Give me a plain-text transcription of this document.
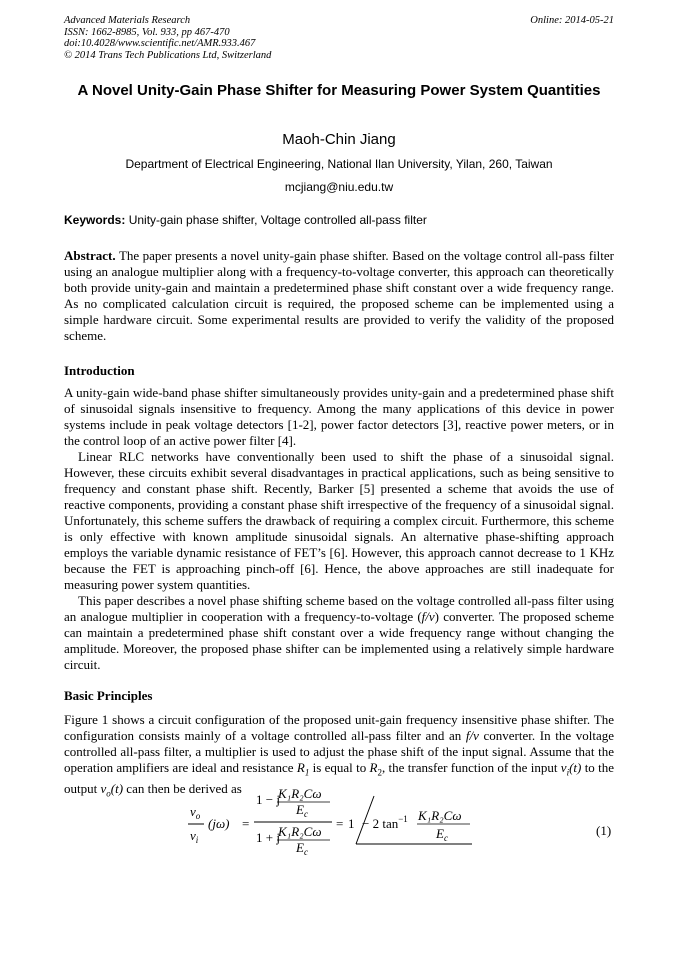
Advanced Materials Research
ISSN: 1662-8985, Vol. 933, pp 467-470
doi:10.4028/www.scientific.net/AMR.933.467
© 2014 Trans Tech Publications Ltd, Switzerland
Online: 2014-05-21
A Novel Unity-Gain Phase Shifter for Measuring Power System Quantities
Maoh-Chin Jiang
Department of Electrical Engineering, National Ilan University, Yilan, 260, Taiwan
mcjiang@niu.edu.tw
Keywords: Unity-gain phase shifter, Voltage controlled all-pass filter

Abstract. The paper presents a novel unity-gain phase shifter. Based on the voltage control all-pass filter using an analogue multiplier along with a frequency-to-voltage converter, this approach can theoretically both provide unity-gain and maintain a predetermined phase shift constant over a wide frequency range. As no complicated calculation circuit is required, the proposed scheme can be implemented using a simple hardware circuit. Some experimental results are provided to verify the validity of the proposed scheme.

Introduction

A unity-gain wide-band phase shifter simultaneously provides unity-gain and a predetermined phase shift of sinusoidal signals insensitive to frequency. Among the many applications of this device in power systems include in peak voltage detectors [1-2], power factor detectors [3], reactive power meters, or in the control loop of an active power filter [4].

Linear RLC networks have conventionally been used to shift the phase of a sinusoidal signal. However, these circuits exhibit several disadvantages in practical applications, such as being sensitive to frequency and constant phase shift. Recently, Barker [5] presented a scheme that avoids the use of reactive components, providing a constant phase shift irrespective of the frequency of a sinusoidal signal. Unfortunately, this scheme suffers the drawback of requiring a complex circuit. Furthermore, this scheme is only effective with known amplitude sinusoidal signals. An alternative phase-shifting approach employs the variable dynamic resistance of FET’s [6]. However, this approach cannot decrease to 1 KHz because the FET is approaching pinch-off [6]. Hence, the above approaches are still inadequate for measuring power system quantities.

This paper describes a novel phase shifting scheme based on the voltage controlled all-pass filter using an analogue multiplier in cooperation with a frequency-to-voltage (f/v) converter. The proposed scheme can maintain a predetermined phase shift constant over a wide frequency range without changing the amplitude. Moreover, the proposed phase shifter can be implemented using a relatively simple hardware circuit.

Basic Principles

Figure 1 shows a circuit configuration of the proposed unit-gain frequency insensitive phase shifter. The configuration consists mainly of a voltage controlled all-pass filter and an f/v converter. In the voltage controlled all-pass filter, a multiplier is used to adjust the phase shift of the input signal. Assume that the operation amplifiers are ideal and resistance $R_1$ is equal to $R_2$, the transfer function of the input $v_i(t)$ to the output $v_o(t)$ can then be derived as

$v_o$
$v_i$
(jω) =
1 − j
K₁R₂Cω
$E_c$
1 + j
K₁R₂Cω
$E_c$
= 1 − 2 $\tan^{-1} K_1R_2C\omega$
$E_c$	(1)
